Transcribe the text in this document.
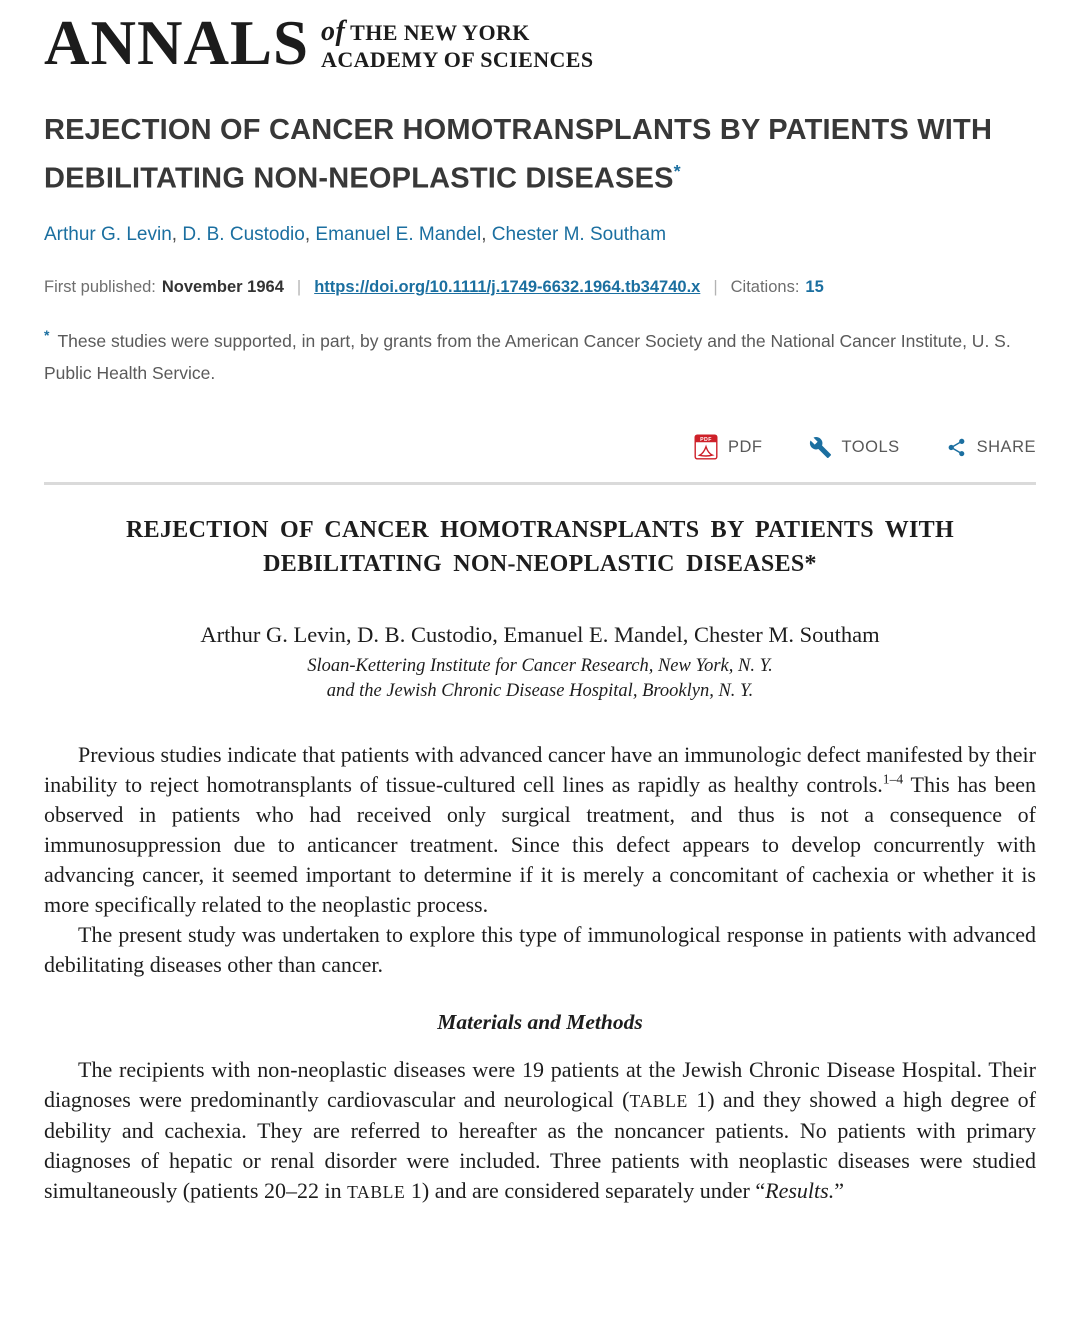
ANNALS of THE NEW YORK
ACADEMY OF SCIENCES
REJECTION OF CANCER HOMOTRANSPLANTS BY PATIENTS WITH DEBILITATING NON-NEOPLASTIC DISEASES*
Arthur G. Levin, D. B. Custodio, Emanuel E. Mandel, Chester M. Southam
First published: November 1964 | https://doi.org/10.1111/j.1749-6632.1964.tb34740.x | Citations: 15
* These studies were supported, in part, by grants from the American Cancer Society and the National Cancer Institute, U. S. Public Health Service.
PDF PDF	TOOLS	SHARE
REJECTION OF CANCER HOMOTRANSPLANTS BY PATIENTS WITH DEBILITATING NON-NEOPLASTIC DISEASES*
Arthur G. Levin, D. B. Custodio, Emanuel E. Mandel, Chester M. Southam
Sloan-Kettering Institute for Cancer Research, New York, N. Y.
and the Jewish Chronic Disease Hospital, Brooklyn, N. Y.

Previous studies indicate that patients with advanced cancer have an immunologic defect manifested by their inability to reject homotransplants of tissue-cultured cell lines as rapidly as healthy controls.$^{1-4}$ This has been observed in patients who had received only surgical treatment, and thus is not a consequence of immunosuppression due to anticancer treatment. Since this defect appears to develop concurrently with advancing cancer, it seemed important to determine if it is merely a concomitant of cachexia or whether it is more specifically related to the neoplastic process.

The present study was undertaken to explore this type of immunological response in patients with advanced debilitating diseases other than cancer.

Materials and Methods

The recipients with non-neoplastic diseases were 19 patients at the Jewish Chronic Disease Hospital. Their diagnoses were predominantly cardiovascular and neurological (TABLE 1) and they showed a high degree of debility and cachexia. They are referred to hereafter as the noncancer patients. No patients with primary diagnoses of hepatic or renal disorder were included. Three patients with neoplastic diseases were studied simultaneously (patients 20–22 in TABLE 1) and are considered separately under “Results.”
